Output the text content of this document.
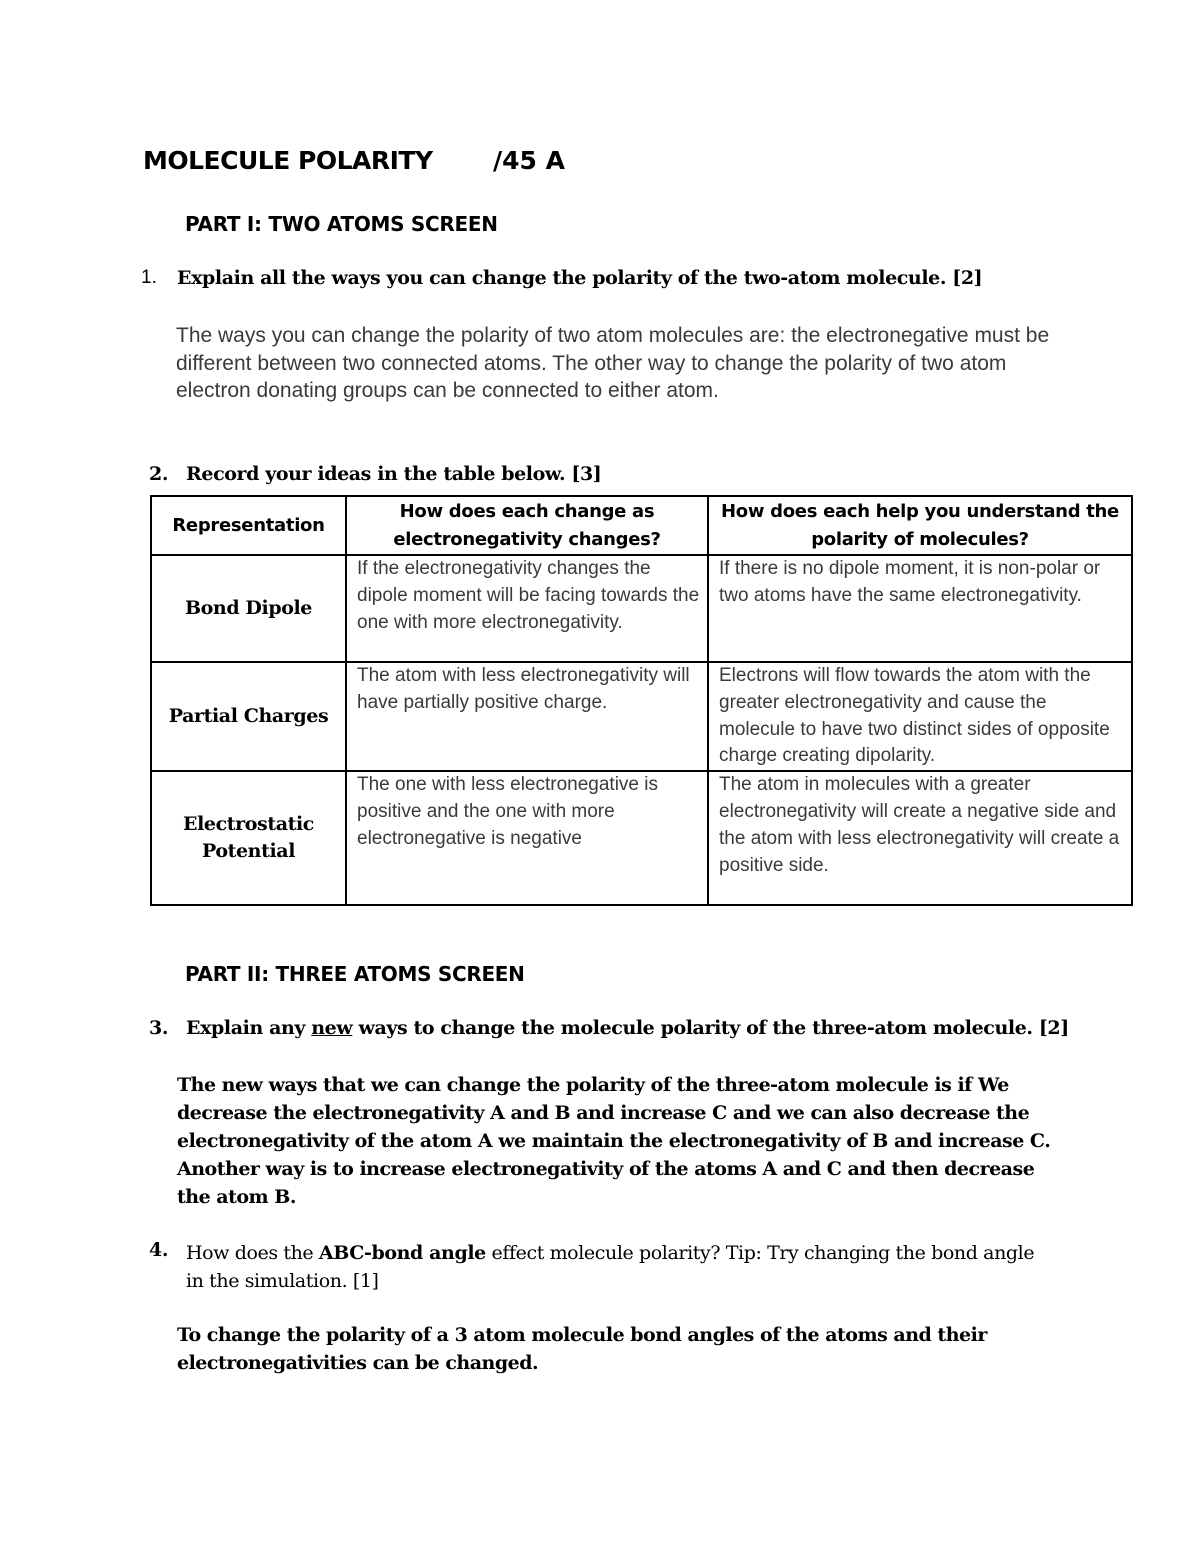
MOLECULE POLARITY /45 A
PART I: TWO ATOMS SCREEN
1. Explain all the ways you can change the polarity of the two-atom molecule. [2]
The ways you can change the polarity of two atom molecules are: the electronegative must be different between two connected atoms. The other way to change the polarity of two atom electron donating groups can be connected to either atom.
2. Record your ideas in the table below. [3]
Representation	How does each change as electronegativity changes?	How does each help you understand the polarity of molecules?
Bond Dipole	If the electronegativity changes the dipole moment will be facing towards the one with more electronegativity.	If there is no dipole moment, it is non-polar or two atoms have the same electronegativity.
Partial Charges	The atom with less electronegativity will have partially positive charge.	Electrons will flow towards the atom with the greater electronegativity and cause the molecule to have two distinct sides of opposite charge creating dipolarity.
Electrostatic Potential	The one with less electronegative is positive and the one with more electronegative is negative	The atom in molecules with a greater electronegativity will create a negative side and the atom with less electronegativity will create a positive side.
PART II: THREE ATOMS SCREEN
3. Explain any new ways to change the molecule polarity of the three-atom molecule. [2]
The new ways that we can change the polarity of the three-atom molecule is if We decrease the electronegativity A and B and increase C and we can also decrease the electronegativity of the atom A we maintain the electronegativity of B and increase C. Another way is to increase electronegativity of the atoms A and C and then decrease the atom B.
4. How does the ABC-bond angle effect molecule polarity? Tip: Try changing the bond angle in the simulation. [1]
To change the polarity of a 3 atom molecule bond angles of the atoms and their electronegativities can be changed.
